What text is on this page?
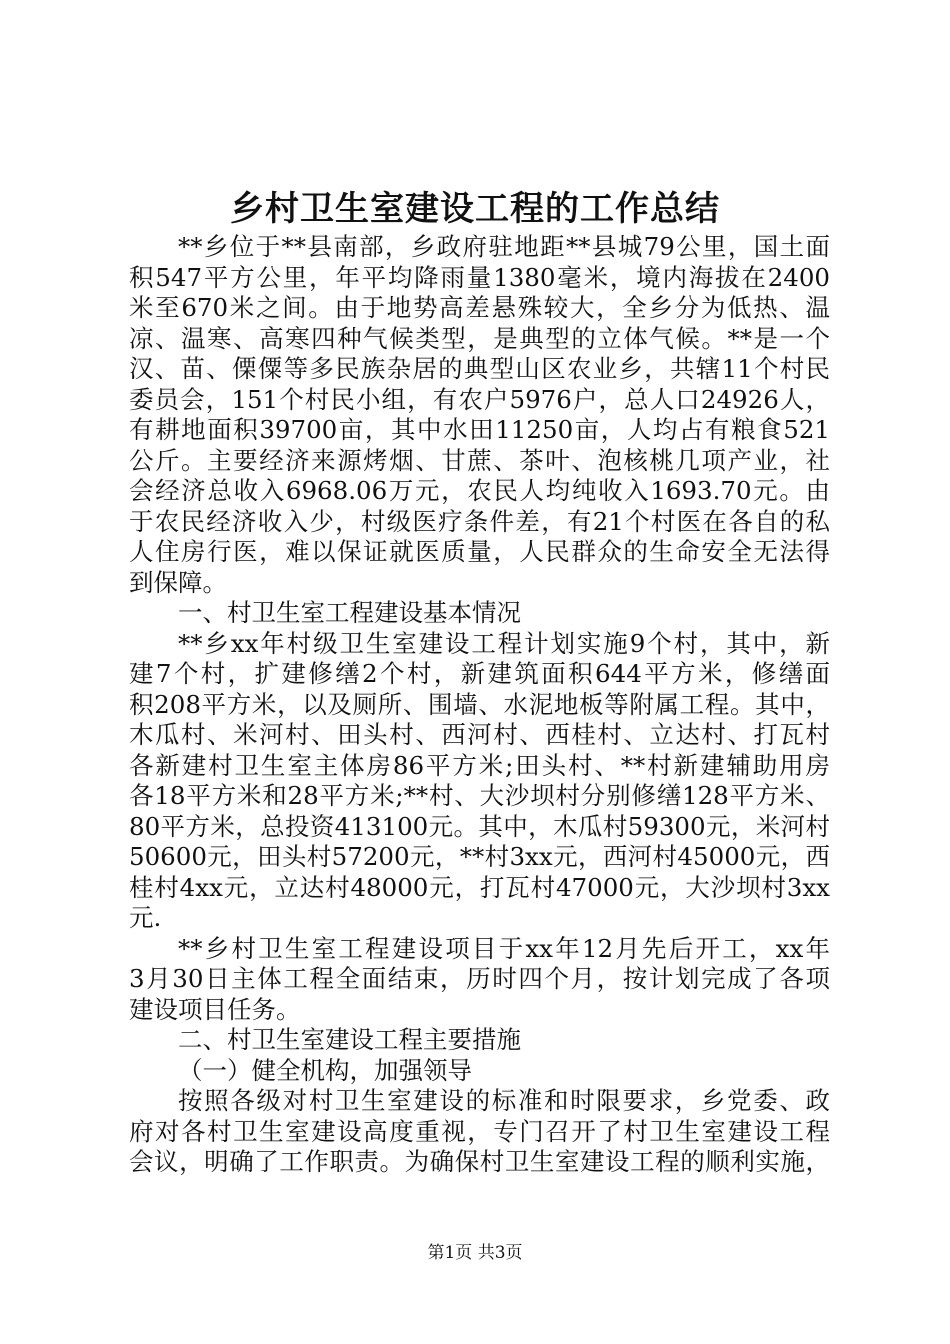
乡村卫生室建设工程的工作总结
**乡位于**县南部，乡政府驻地距**县城79公里，国土面
积547平方公里，年平均降雨量1380毫米，境内海拔在2400
米至670米之间。由于地势高差悬殊较大，全乡分为低热、温
凉、温寒、高寒四种气候类型，是典型的立体气候。**是一个
汉、苗、傈僳等多民族杂居的典型山区农业乡，共辖11个村民
委员会，151个村民小组，有农户5976户，总人口24926人，
有耕地面积39700亩，其中水田11250亩，人均占有粮食521
公斤。主要经济来源烤烟、甘蔗、茶叶、泡核桃几项产业，社
会经济总收入6968.06万元，农民人均纯收入1693.70元。由
于农民经济收入少，村级医疗条件差，有21个村医在各自的私
人住房行医，难以保证就医质量，人民群众的生命安全无法得
到保障。
一、村卫生室工程建设基本情况
**乡xx年村级卫生室建设工程计划实施9个村，其中，新
建7个村，扩建修缮2个村，新建筑面积644平方米，修缮面
积208平方米，以及厕所、围墙、水泥地板等附属工程。其中，
木瓜村、米河村、田头村、西河村、西桂村、立达村、打瓦村
各新建村卫生室主体房86平方米;田头村、**村新建辅助用房
各18平方米和28平方米;**村、大沙坝村分别修缮128平方米、
80平方米，总投资413100元。其中，木瓜村59300元，米河村
50600元，田头村57200元，**村3xx元，西河村45000元，西
桂村4xx元，立达村48000元，打瓦村47000元，大沙坝村3xx
元.
**乡村卫生室工程建设项目于xx年12月先后开工，xx年
3月30日主体工程全面结束，历时四个月，按计划完成了各项
建设项目任务。
二、村卫生室建设工程主要措施
（一）健全机构，加强领导
按照各级对村卫生室建设的标准和时限要求，乡党委、政
府对各村卫生室建设高度重视，专门召开了村卫生室建设工程
会议，明确了工作职责。为确保村卫生室建设工程的顺利实施，
第1页 共3页
